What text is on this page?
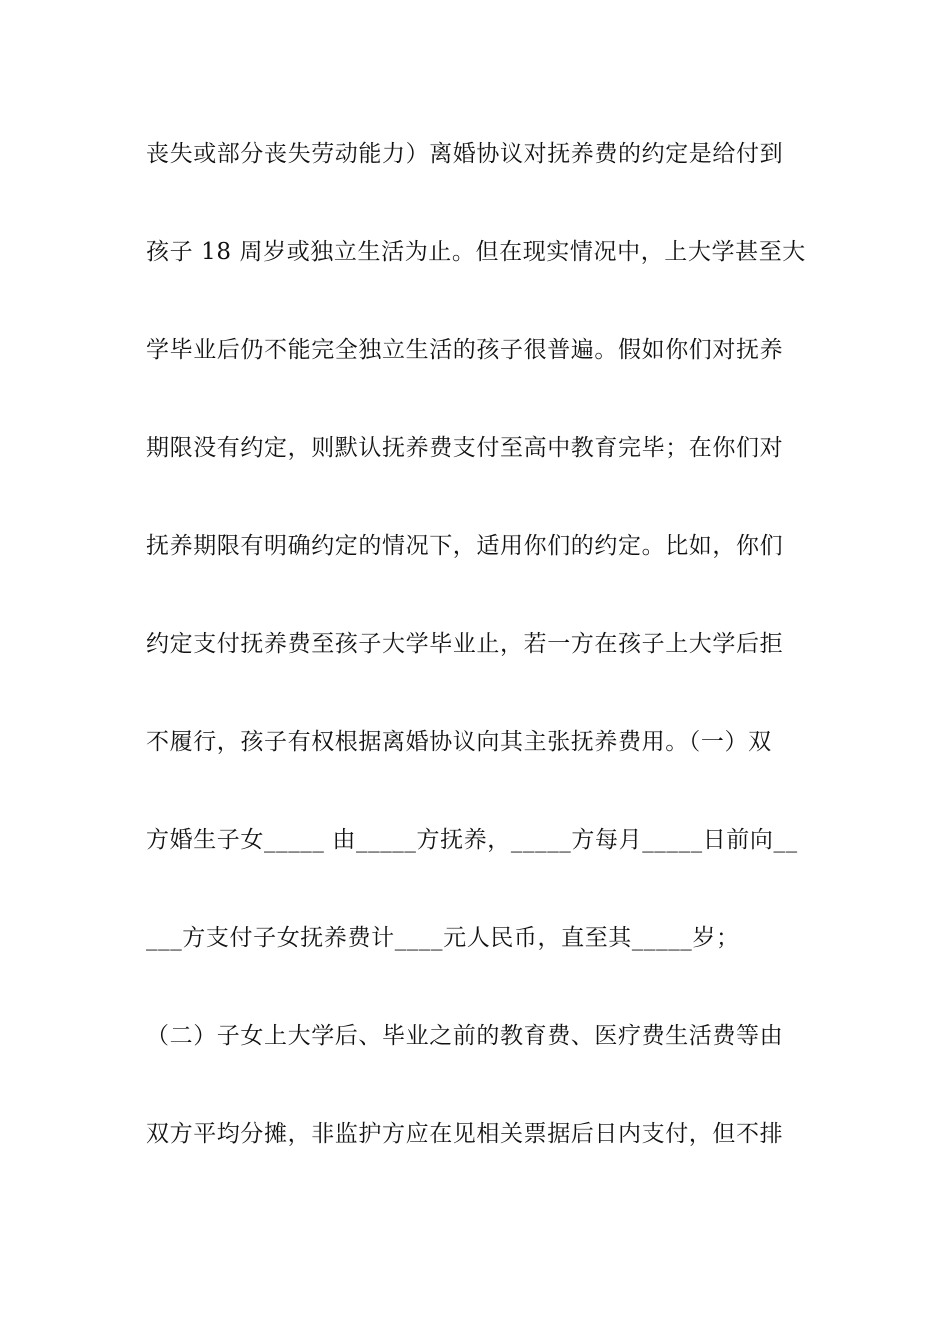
丧失或部分丧失劳动能力）离婚协议对抚养费的约定是给付到
孩子 18 周岁或独立生活为止。但在现实情况中，上大学甚至大
学毕业后仍不能完全独立生活的孩子很普遍。假如你们对抚养
期限没有约定，则默认抚养费支付至高中教育完毕；在你们对
抚养期限有明确约定的情况下，适用你们的约定。比如，你们
约定支付抚养费至孩子大学毕业止，若一方在孩子上大学后拒
不履行，孩子有权根据离婚协议向其主张抚养费用。（一）双
方婚生子女_____ 由_____方抚养，_____方每月_____日前向__
___方支付子女抚养费计____元人民币，直至其_____岁；
（二）子女上大学后、毕业之前的教育费、医疗费生活费等由
双方平均分摊，非监护方应在见相关票据后日内支付，但不排
